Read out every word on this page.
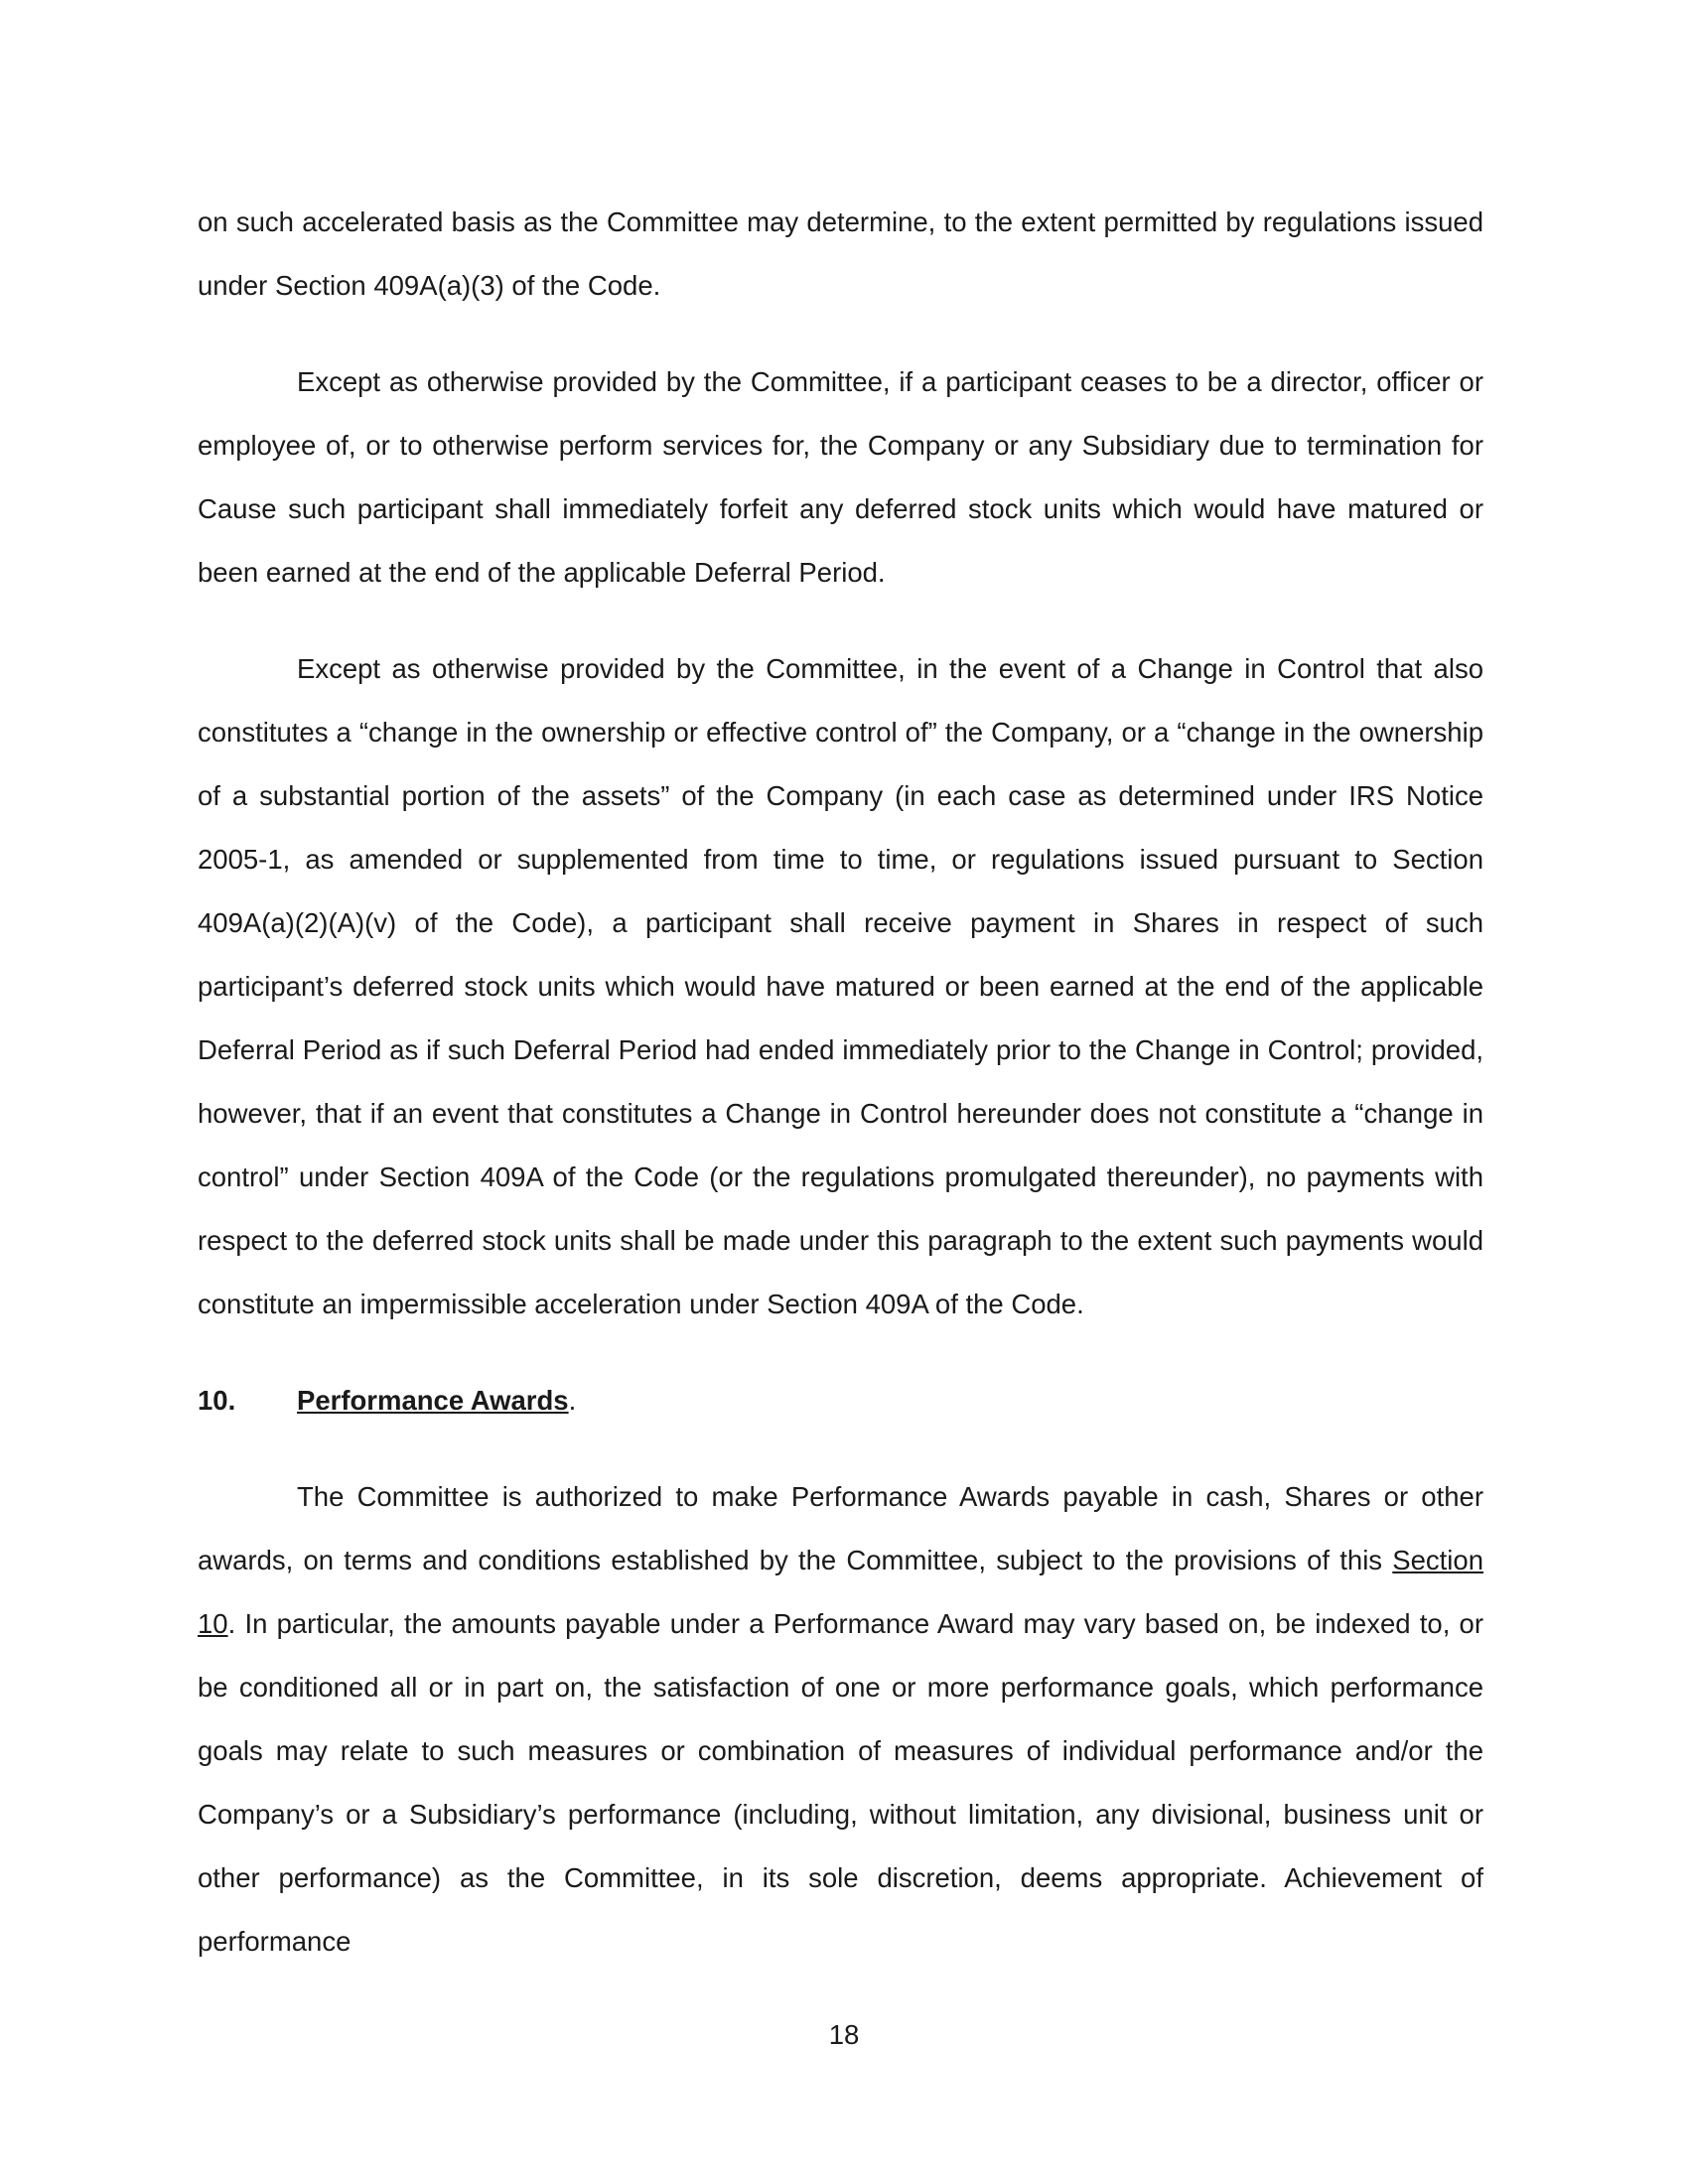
on such accelerated basis as the Committee may determine, to the extent permitted by regulations issued under Section 409A(a)(3) of the Code.

Except as otherwise provided by the Committee, if a participant ceases to be a director, officer or employee of, or to otherwise perform services for, the Company or any Subsidiary due to termination for Cause such participant shall immediately forfeit any deferred stock units which would have matured or been earned at the end of the applicable Deferral Period.

Except as otherwise provided by the Committee, in the event of a Change in Control that also constitutes a “change in the ownership or effective control of” the Company, or a “change in the ownership of a substantial portion of the assets” of the Company (in each case as determined under IRS Notice 2005-1, as amended or supplemented from time to time, or regulations issued pursuant to Section 409A(a)(2)(A)(v) of the Code), a participant shall receive payment in Shares in respect of such participant’s deferred stock units which would have matured or been earned at the end of the applicable Deferral Period as if such Deferral Period had ended immediately prior to the Change in Control; provided, however, that if an event that constitutes a Change in Control hereunder does not constitute a “change in control” under Section 409A of the Code (or the regulations promulgated thereunder), no payments with respect to the deferred stock units shall be made under this paragraph to the extent such payments would constitute an impermissible acceleration under Section 409A of the Code.

10. Performance Awards.

The Committee is authorized to make Performance Awards payable in cash, Shares or other awards, on terms and conditions established by the Committee, subject to the provisions of this Section 10. In particular, the amounts payable under a Performance Award may vary based on, be indexed to, or be conditioned all or in part on, the satisfaction of one or more performance goals, which performance goals may relate to such measures or combination of measures of individual performance and/or the Company’s or a Subsidiary’s performance (including, without limitation, any divisional, business unit or other performance) as the Committee, in its sole discretion, deems appropriate. Achievement of performance

18
